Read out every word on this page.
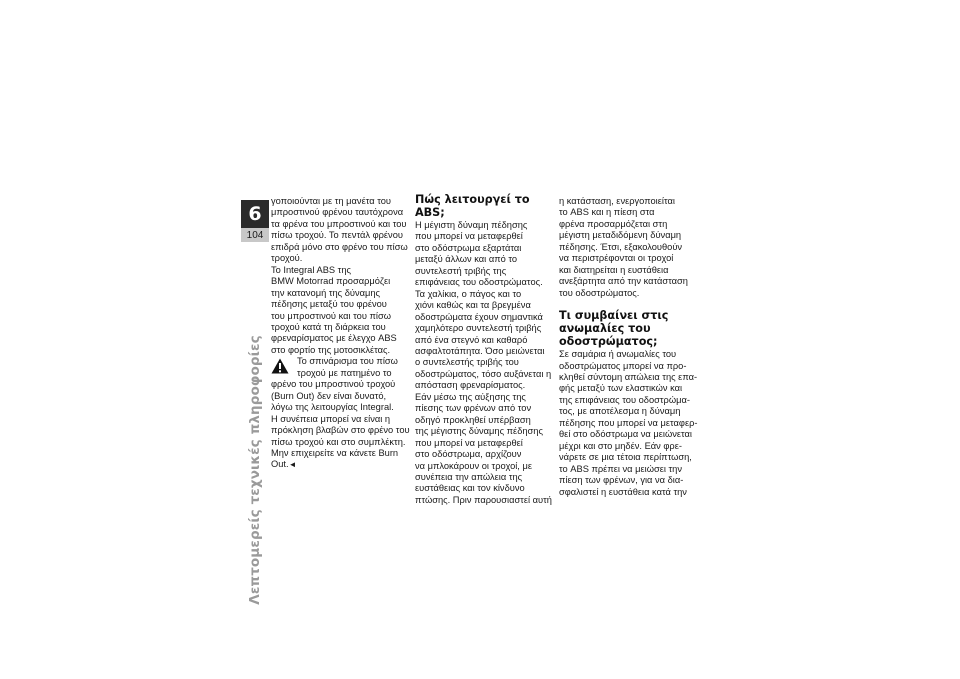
6
104
Λεπτομερείς τεχνικές πληροφορίες

γοποιούνται με τη μανέτα του
μπροστινού φρένου ταυτόχρονα
τα φρένα του μπροστινού και του
πίσω τροχού. Το πεντάλ φρένου
επιδρά μόνο στο φρένο του πίσω
τροχού.

Το Integral ABS της
BMW Motorrad προσαρμόζει
την κατανομή της δύναμης
πέδησης μεταξύ του φρένου
του μπροστινού και του πίσω
τροχού κατά τη διάρκεια του
φρεναρίσματος με έλεγχο ABS
στο φορτίο της μοτοσικλέτας.

Το σπινάρισμα του πίσω
τροχού με πατημένο το

φρένο του μπροστινού τροχού
(Burn Out) δεν είναι δυνατό,
λόγω της λειτουργίας Integral.
Η συνέπεια μπορεί να είναι η
πρόκληση βλαβών στο φρένο του
πίσω τροχού και στο συμπλέκτη.
Μην επιχειρείτε να κάνετε Burn
Out.◄

Πώς λειτουργεί το ABS;

Η μέγιστη δύναμη πέδησης
που μπορεί να μεταφερθεί
στο οδόστρωμα εξαρτάται
μεταξύ άλλων και από το
συντελεστή τριβής της
επιφάνειας του οδοστρώματος.
Τα χαλίκια, ο πάγος και το
χιόνι καθώς και τα βρεγμένα
οδοστρώματα έχουν σημαντικά
χαμηλότερο συντελεστή τριβής
από ένα στεγνό και καθαρό
ασφαλτοτάπητα. Όσο μειώνεται
ο συντελεστής τριβής του
οδοστρώματος, τόσο αυξάνεται η
απόσταση φρεναρίσματος.

Εάν μέσω της αύξησης της
πίεσης των φρένων από τον
οδηγό προκληθεί υπέρβαση
της μέγιστης δύναμης πέδησης
που μπορεί να μεταφερθεί
στο οδόστρωμα, αρχίζουν
να μπλοκάρουν οι τροχοί, με
συνέπεια την απώλεια της
ευστάθειας και τον κίνδυνο
πτώσης. Πριν παρουσιαστεί αυτή

η κατάσταση, ενεργοποιείται
το ABS και η πίεση στα
φρένα προσαρμόζεται στη
μέγιστη μεταδιδόμενη δύναμη
πέδησης. Έτσι, εξακολουθούν
να περιστρέφονται οι τροχοί
και διατηρείται η ευστάθεια
ανεξάρτητα από την κατάσταση
του οδοστρώματος.

Τι συμβαίνει στις
ανωμαλίες του
οδοστρώματος;

Σε σαμάρια ή ανωμαλίες του
οδοστρώματος μπορεί να προ-
κληθεί σύντομη απώλεια της επα-
φής μεταξύ των ελαστικών και
της επιφάνειας του οδοστρώμα-
τος, με αποτέλεσμα η δύναμη
πέδησης που μπορεί να μεταφερ-
θεί στο οδόστρωμα να μειώνεται
μέχρι και στο μηδέν. Εάν φρε-
νάρετε σε μια τέτοια περίπτωση,
το ABS πρέπει να μειώσει την
πίεση των φρένων, για να δια-
σφαλιστεί η ευστάθεια κατά την
